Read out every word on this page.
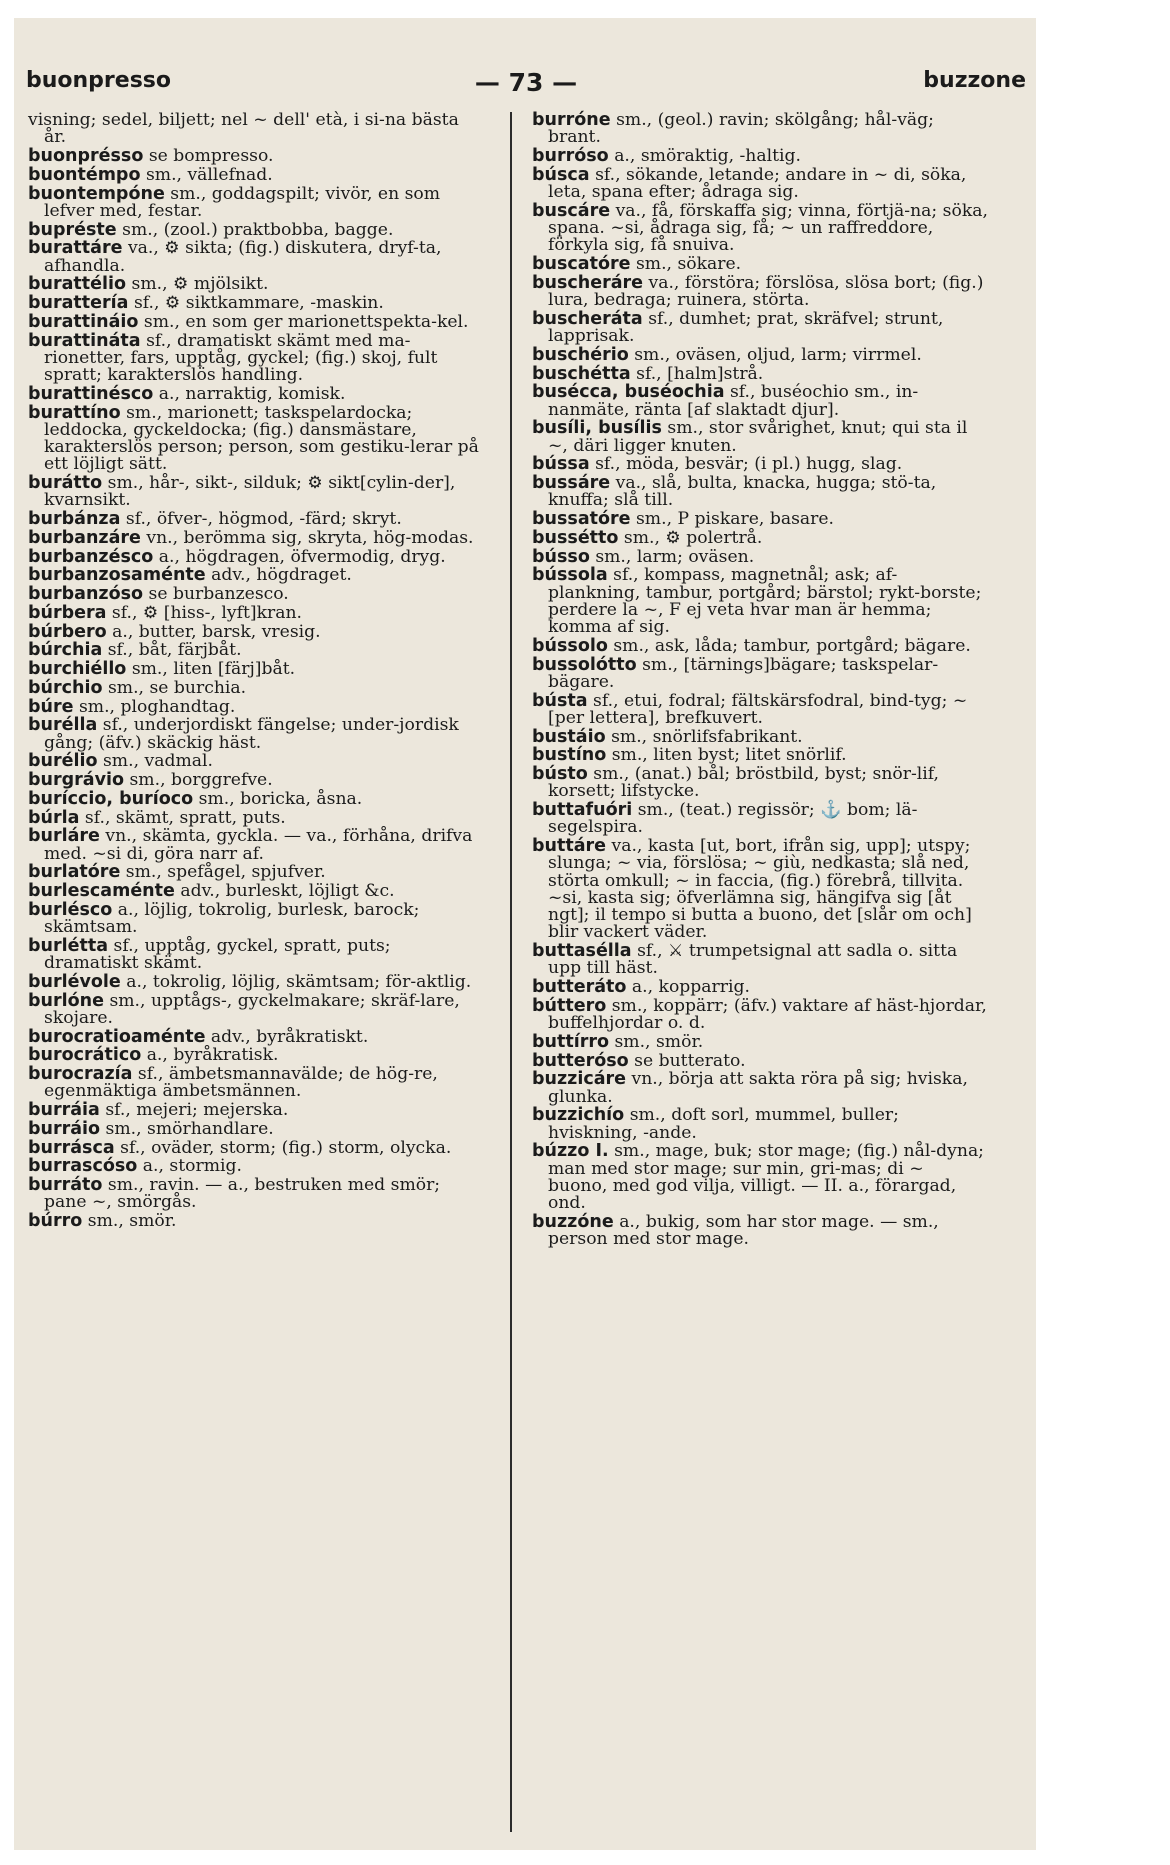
buonpresso	— 73 —	buzzone
visning; sedel, biljett; nel ~ dell' età, i si-na bästa år.
buonprésso se bompresso.
buontémpo sm., vällefnad.
buontempóne sm., goddagspilt; vivör, en som lefver med, festar.
bupréste sm., (zool.) praktbobba, bagge.
burattáre va., ⚙ sikta; (fig.) diskutera, dryf-ta, afhandla.
burattélio sm., ⚙ mjölsikt.
burattería sf., ⚙ siktkammare, -maskin.
burattináio sm., en som ger marionettspekta-kel.
burattináta sf., dramatiskt skämt med ma-rionetter, fars, upptåg, gyckel; (fig.) skoj, fult spratt; karakterslös handling.
burattinésco a., narraktig, komisk.
burattíno sm., marionett; taskspelardocka; leddocka, gyckeldocka; (fig.) dansmästare, karakterslös person; person, som gestiku-lerar på ett löjligt sätt.
burátto sm., hår-, sikt-, silduk; ⚙ sikt[cylin-der], kvarnsikt.
burbánza sf., öfver-, högmod, -färd; skryt.
burbanzáre vn., berömma sig, skryta, hög-modas.
burbanzésco a., högdragen, öfvermodig, dryg.
burbanzosaménte adv., högdraget.
burbanzóso se burbanzesco.
búrbera sf., ⚙ [hiss-, lyft]kran.
búrbero a., butter, barsk, vresig.
búrchia sf., båt, färjbåt.
burchiéllo sm., liten [färj]båt.
búrchio sm., se burchia.
búre sm., ploghandtag.
burélla sf., underjordiskt fängelse; under-jordisk gång; (äfv.) skäckig häst.
burélio sm., vadmal.
burgrávio sm., borggrefve.
buríccio, buríoco sm., boricka, åsna.
búrla sf., skämt, spratt, puts.
burláre vn., skämta, gyckla. — va., förhåna, drifva med. ~si di, göra narr af.
burlatóre sm., spefågel, spjufver.
burlescaménte adv., burleskt, löjligt &c.
burlésco a., löjlig, tokrolig, burlesk, barock; skämtsam.
burlétta sf., upptåg, gyckel, spratt, puts; dramatiskt skämt.
burlévole a., tokrolig, löjlig, skämtsam; för-aktlig.
burlóne sm., upptågs-, gyckelmakare; skräf-lare, skojare.
burocratioaménte adv., byråkratiskt.
burocrático a., byråkratisk.
burocrazía sf., ämbetsmannavälde; de hög-re, egenmäktiga ämbetsmännen.
burráia sf., mejeri; mejerska.
burráio sm., smörhandlare.
burrásca sf., oväder, storm; (fig.) storm, olycka.
burrascóso a., stormig.
burráto sm., ravin. — a., bestruken med smör; pane ~, smörgås.
búrro sm., smör.
burróne sm., (geol.) ravin; skölgång; hål-väg; brant.
burróso a., smöraktig, -haltig.
búsca sf., sökande, letande; andare in ~ di, söka, leta, spana efter; ådraga sig.
buscáre va., få, förskaffa sig; vinna, förtjä-na; söka, spana. ~si, ådraga sig, få; ~ un raffreddore, förkyla sig, få snuiva.
buscatóre sm., sökare.
buscheráre va., förstöra; förslösa, slösa bort; (fig.) lura, bedraga; ruinera, störta.
buscheráta sf., dumhet; prat, skräfvel; strunt, lapprisak.
buschério sm., oväsen, oljud, larm; virrmel.
buschétta sf., [halm]strå.
busécca, buséochia sf., buséochio sm., in-nanmäte, ränta [af slaktadt djur].
busíli, busílis sm., stor svårighet, knut; qui sta il ~, däri ligger knuten.
bússa sf., möda, besvär; (i pl.) hugg, slag.
bussáre va., slå, bulta, knacka, hugga; stö-ta, knuffa; slå till.
bussatóre sm., P piskare, basare.
bussétto sm., ⚙ polertrå.
bússo sm., larm; oväsen.
bússola sf., kompass, magnetnål; ask; af-plankning, tambur, portgård; bärstol; rykt-borste; perdere la ~, F ej veta hvar man är hemma; komma af sig.
bússolo sm., ask, låda; tambur, portgård; bägare.
bussolótto sm., [tärnings]bägare; taskspelar-bägare.
bústa sf., etui, fodral; fältskärsfodral, bind-tyg; ~ [per lettera], brefkuvert.
bustáio sm., snörlifsfabrikant.
bustíno sm., liten byst; litet snörlif.
bústo sm., (anat.) bål; bröstbild, byst; snör-lif, korsett; lifstycke.
buttafuóri sm., (teat.) regissör; ⚓ bom; lä-segelspira.
buttáre va., kasta [ut, bort, ifrån sig, upp]; utspy; slunga; ~ via, förslösa; ~ giù, nedkasta; slå ned, störta omkull; ~ in faccia, (fig.) förebrå, tillvita. ~si, kasta sig; öfverlämna sig, hängifva sig [åt ngt]; il tempo si butta a buono, det [slår om och] blir vackert väder.
buttasélla sf., ⚔ trumpetsignal att sadla o. sitta upp till häst.
butteráto a., kopparrig.
búttero sm., koppärr; (äfv.) vaktare af häst-hjordar, buffelhjordar o. d.
buttírro sm., smör.
butteróso se butterato.
buzzicáre vn., börja att sakta röra på sig; hviska, glunka.
buzzichío sm., doft sorl, mummel, buller; hviskning, -ande.
búzzo I. sm., mage, buk; stor mage; (fig.) nål-dyna; man med stor mage; sur min, gri-mas; di ~ buono, med god vilja, villigt. — II. a., förargad, ond.
buzzóne a., bukig, som har stor mage. — sm., person med stor mage.
